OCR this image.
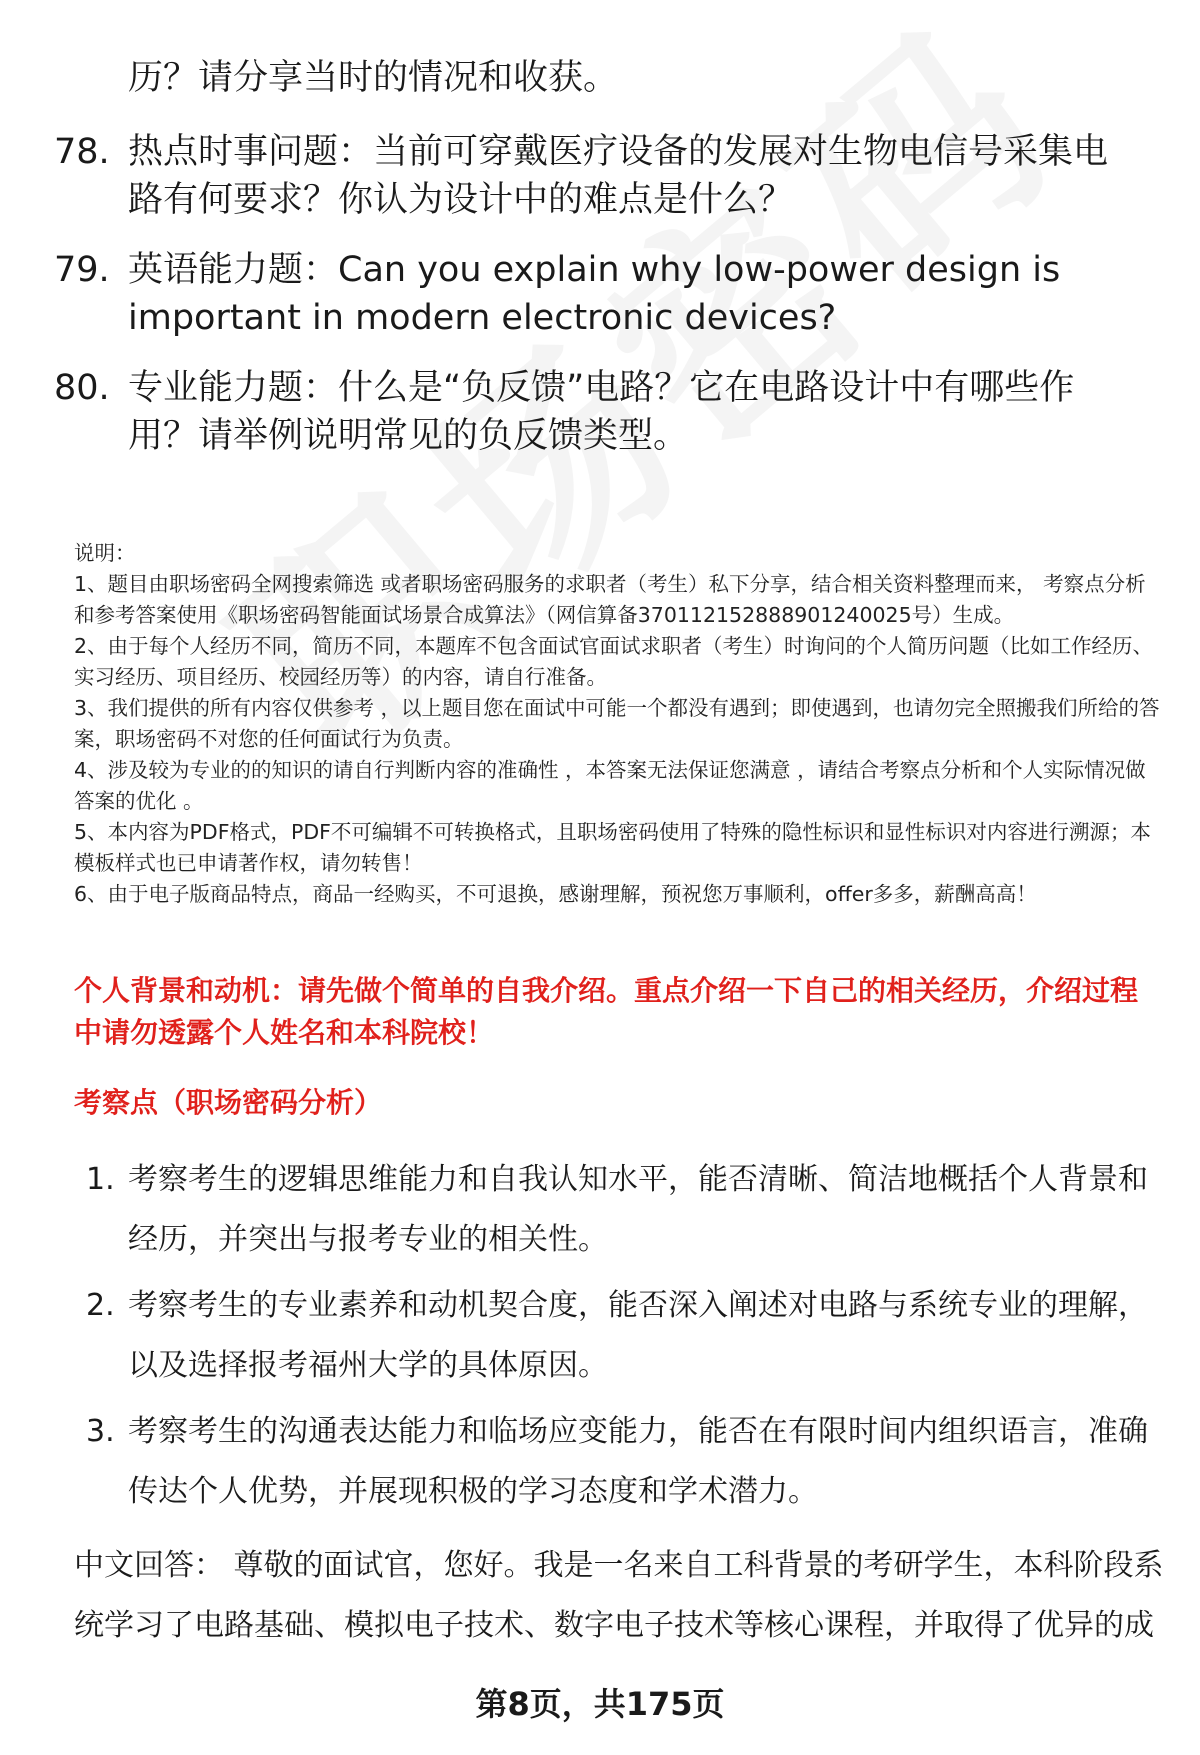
历？请分享当时的情况和收获。
78. 热点时事问题：当前可穿戴医疗设备的发展对生物电信号采集电
路有何要求？你认为设计中的难点是什么？
79. 英语能力题：Can you explain why low-power design is
important in modern electronic devices?
80. 专业能力题：什么是“负反馈”电路？它在电路设计中有哪些作
用？请举例说明常见的负反馈类型。

说明：

1、题目由职场密码全网搜索筛选 或者职场密码服务的求职者（考生）私下分享，结合相关资料整理而来， 考察点分析和参考答案使用《职场密码智能面试场景合成算法》（网信算备370112152888901240025号）生成。

2、由于每个人经历不同，简历不同，本题库不包含面试官面试求职者（考生）时询问的个人简历问题（比如工作经历、实习经历、项目经历、校园经历等）的内容，请自行准备。

3、我们提供的所有内容仅供参考 ，以上题目您在面试中可能一个都没有遇到；即使遇到，也请勿完全照搬我们所给的答案，职场密码不对您的任何面试行为负责。

4、涉及较为专业的的知识的请自行判断内容的准确性 ，本答案无法保证您满意 ，请结合考察点分析和个人实际情况做答案的优化 。

5、本内容为PDF格式，PDF不可编辑不可转换格式，且职场密码使用了特殊的隐性标识和显性标识对内容进行溯源；本模板样式也已申请著作权，请勿转售！

6、由于电子版商品特点，商品一经购买，不可退换，感谢理解，预祝您万事顺利，offer多多，薪酬高高！

个人背景和动机：请先做个简单的自我介绍。重点介绍一下自己的相关经历，介绍过程中请勿透露个人姓名和本科院校！
考察点（职场密码分析）
1. 考察考生的逻辑思维能力和自我认知水平，能否清晰、简洁地概括个人背景和经历，并突出与报考专业的相关性。
2. 考察考生的专业素养和动机契合度，能否深入阐述对电路与系统专业的理解，以及选择报考福州大学的具体原因。
3. 考察考生的沟通表达能力和临场应变能力，能否在有限时间内组织语言，准确传达个人优势，并展现积极的学习态度和学术潜力。
中文回答： 尊敬的面试官，您好。我是一名来自工科背景的考研学生，本科阶段系统学习了电路基础、模拟电子技术、数字电子技术等核心课程，并取得了优异的成
第8页，共175页
